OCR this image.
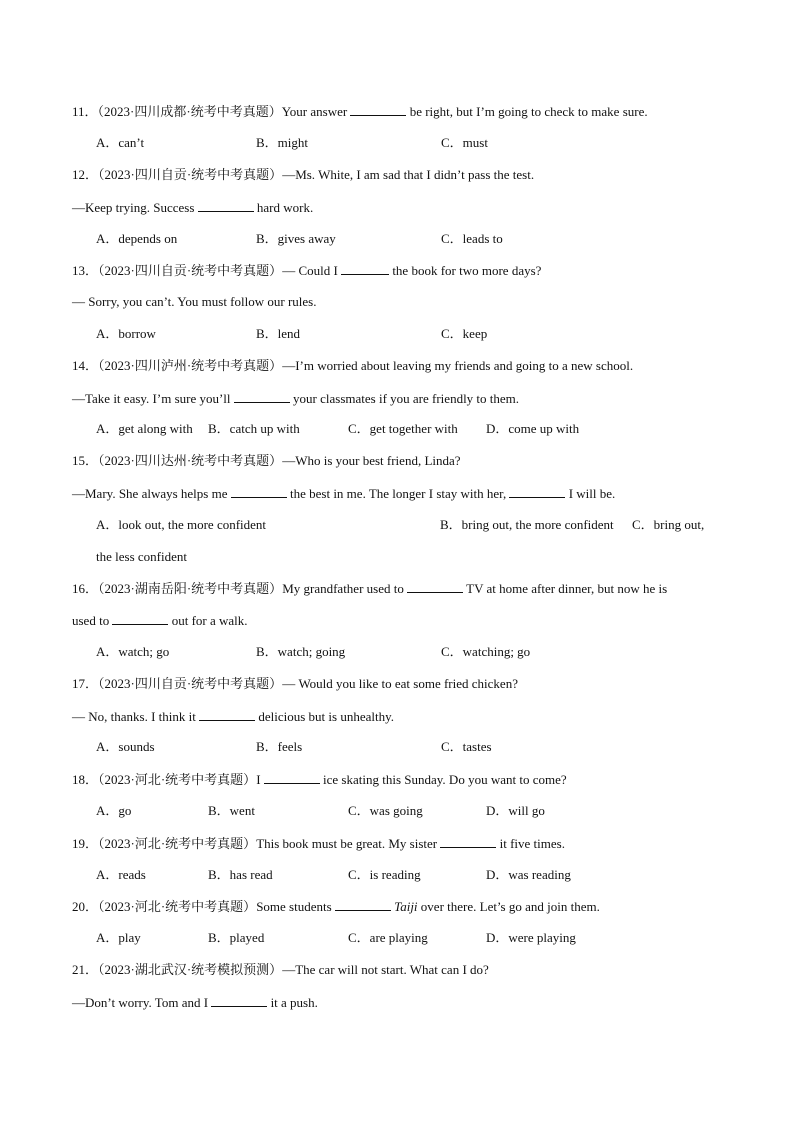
11．（2023·四川成都·统考中考真题）Your answer	be right, but I’m going to check to make sure.
A．can’t	B．might	C．must
12．（2023·四川自贡·统考中考真题）—Ms. White, I am sad that I didn’t pass the test.
—Keep trying. Success	hard work.
A．depends on	B．gives away	C．leads to
13．（2023·四川自贡·统考中考真题）— Could I	the book for two more days?
— Sorry, you can’t. You must follow our rules.
A．borrow	B．lend	C．keep
14．（2023·四川泸州·统考中考真题）—I’m worried about leaving my friends and going to a new school.
—Take it easy. I’m sure you’ll	your classmates if you are friendly to them.
A．get along with B．catch up with	C．get together with D．come up with
15．（2023·四川达州·统考中考真题）—Who is your best friend, Linda?
—Mary. She always helps me	the best in me. The longer I stay with her,	I will be.
A．look out, the more confident	B．bring out, the more confident C．bring out,
the less confident
16．（2023·湖南岳阳·统考中考真题）My grandfather used to	TV at home after dinner, but now he is
used to	out for a walk.
A．watch; go	B．watch; going	C．watching; go
17．（2023·四川自贡·统考中考真题）— Would you like to eat some fried chicken?
— No, thanks. I think it	delicious but is unhealthy.
A．sounds	B．feels	C．tastes
18．（2023·河北·统考中考真题）I	ice skating this Sunday. Do you want to come?
A．go	B．went	C．was going	D．will go
19．（2023·河北·统考中考真题）This book must be great. My sister	it five times.
A．reads	B．has read	C．is reading	D．was reading
20．（2023·河北·统考中考真题）Some students	Taiji over there. Let’s go and join them.
A．play	B．played	C．are playing	D．were playing
21．（2023·湖北武汉·统考模拟预测）—The car will not start. What can I do?
—Don’t worry. Tom and I	it a push.
